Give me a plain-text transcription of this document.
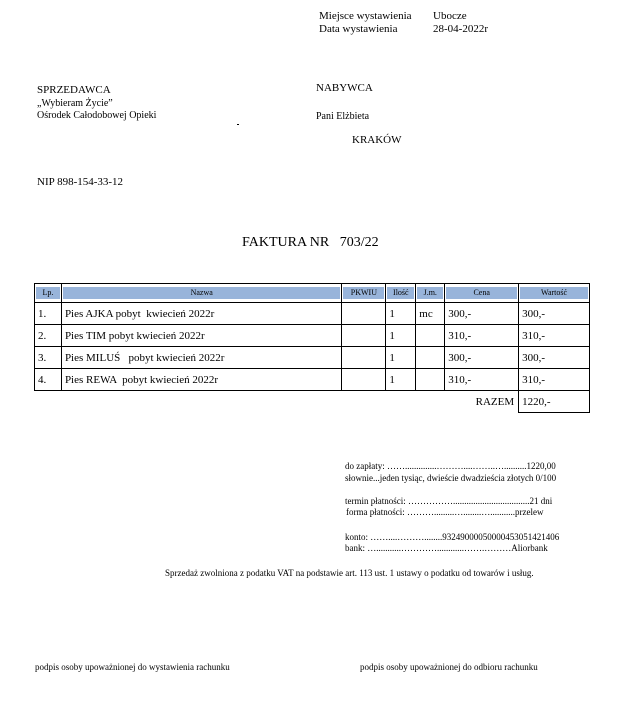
Miejsce wystawienia Ubocze
Data wystawienia	28-04-2022r
SPRZEDAWCA
„Wybieram Życie”
Ośrodek Całodobowej Opieki
NIP 898-154-33-12
NABYWCA
Pani Elżbieta
KRAKÓW
FAKTURA NR 703/22
Lp.	Nazwa	PKWIU	Ilość	J.m.	Cena	Wartość

1.	Pies AJKA pobyt  kwiecień 2022r		1	mc	300,-	300,-
2.	Pies TIM pobyt kwiecień 2022r		1		310,-	310,-
3.	Pies MILUŚ   pobyt kwiecień 2022r		1		300,-	300,-
4.	Pies REWA  pobyt kwiecień 2022r		1		310,-	310,-
					RAZEM	1220,-
do zapłaty: ……..............………....……..…..........1220,00
słownie...jeden tysiąc, dwieście dwadzieścia złotych 0/100
termin płatności: ……………..................................21 dni
forma płatności: ……….........…........…...........przelew
konto: ……....………........93249000050000453051421406
bank: …...........…………............…….………Aliorbank
Sprzedaż zwolniona z podatku VAT na podstawie art. 113 ust. 1 ustawy o podatku od towarów i usług.
podpis osoby upoważnionej do wystawienia rachunku	podpis osoby upoważnionej do odbioru rachunku
